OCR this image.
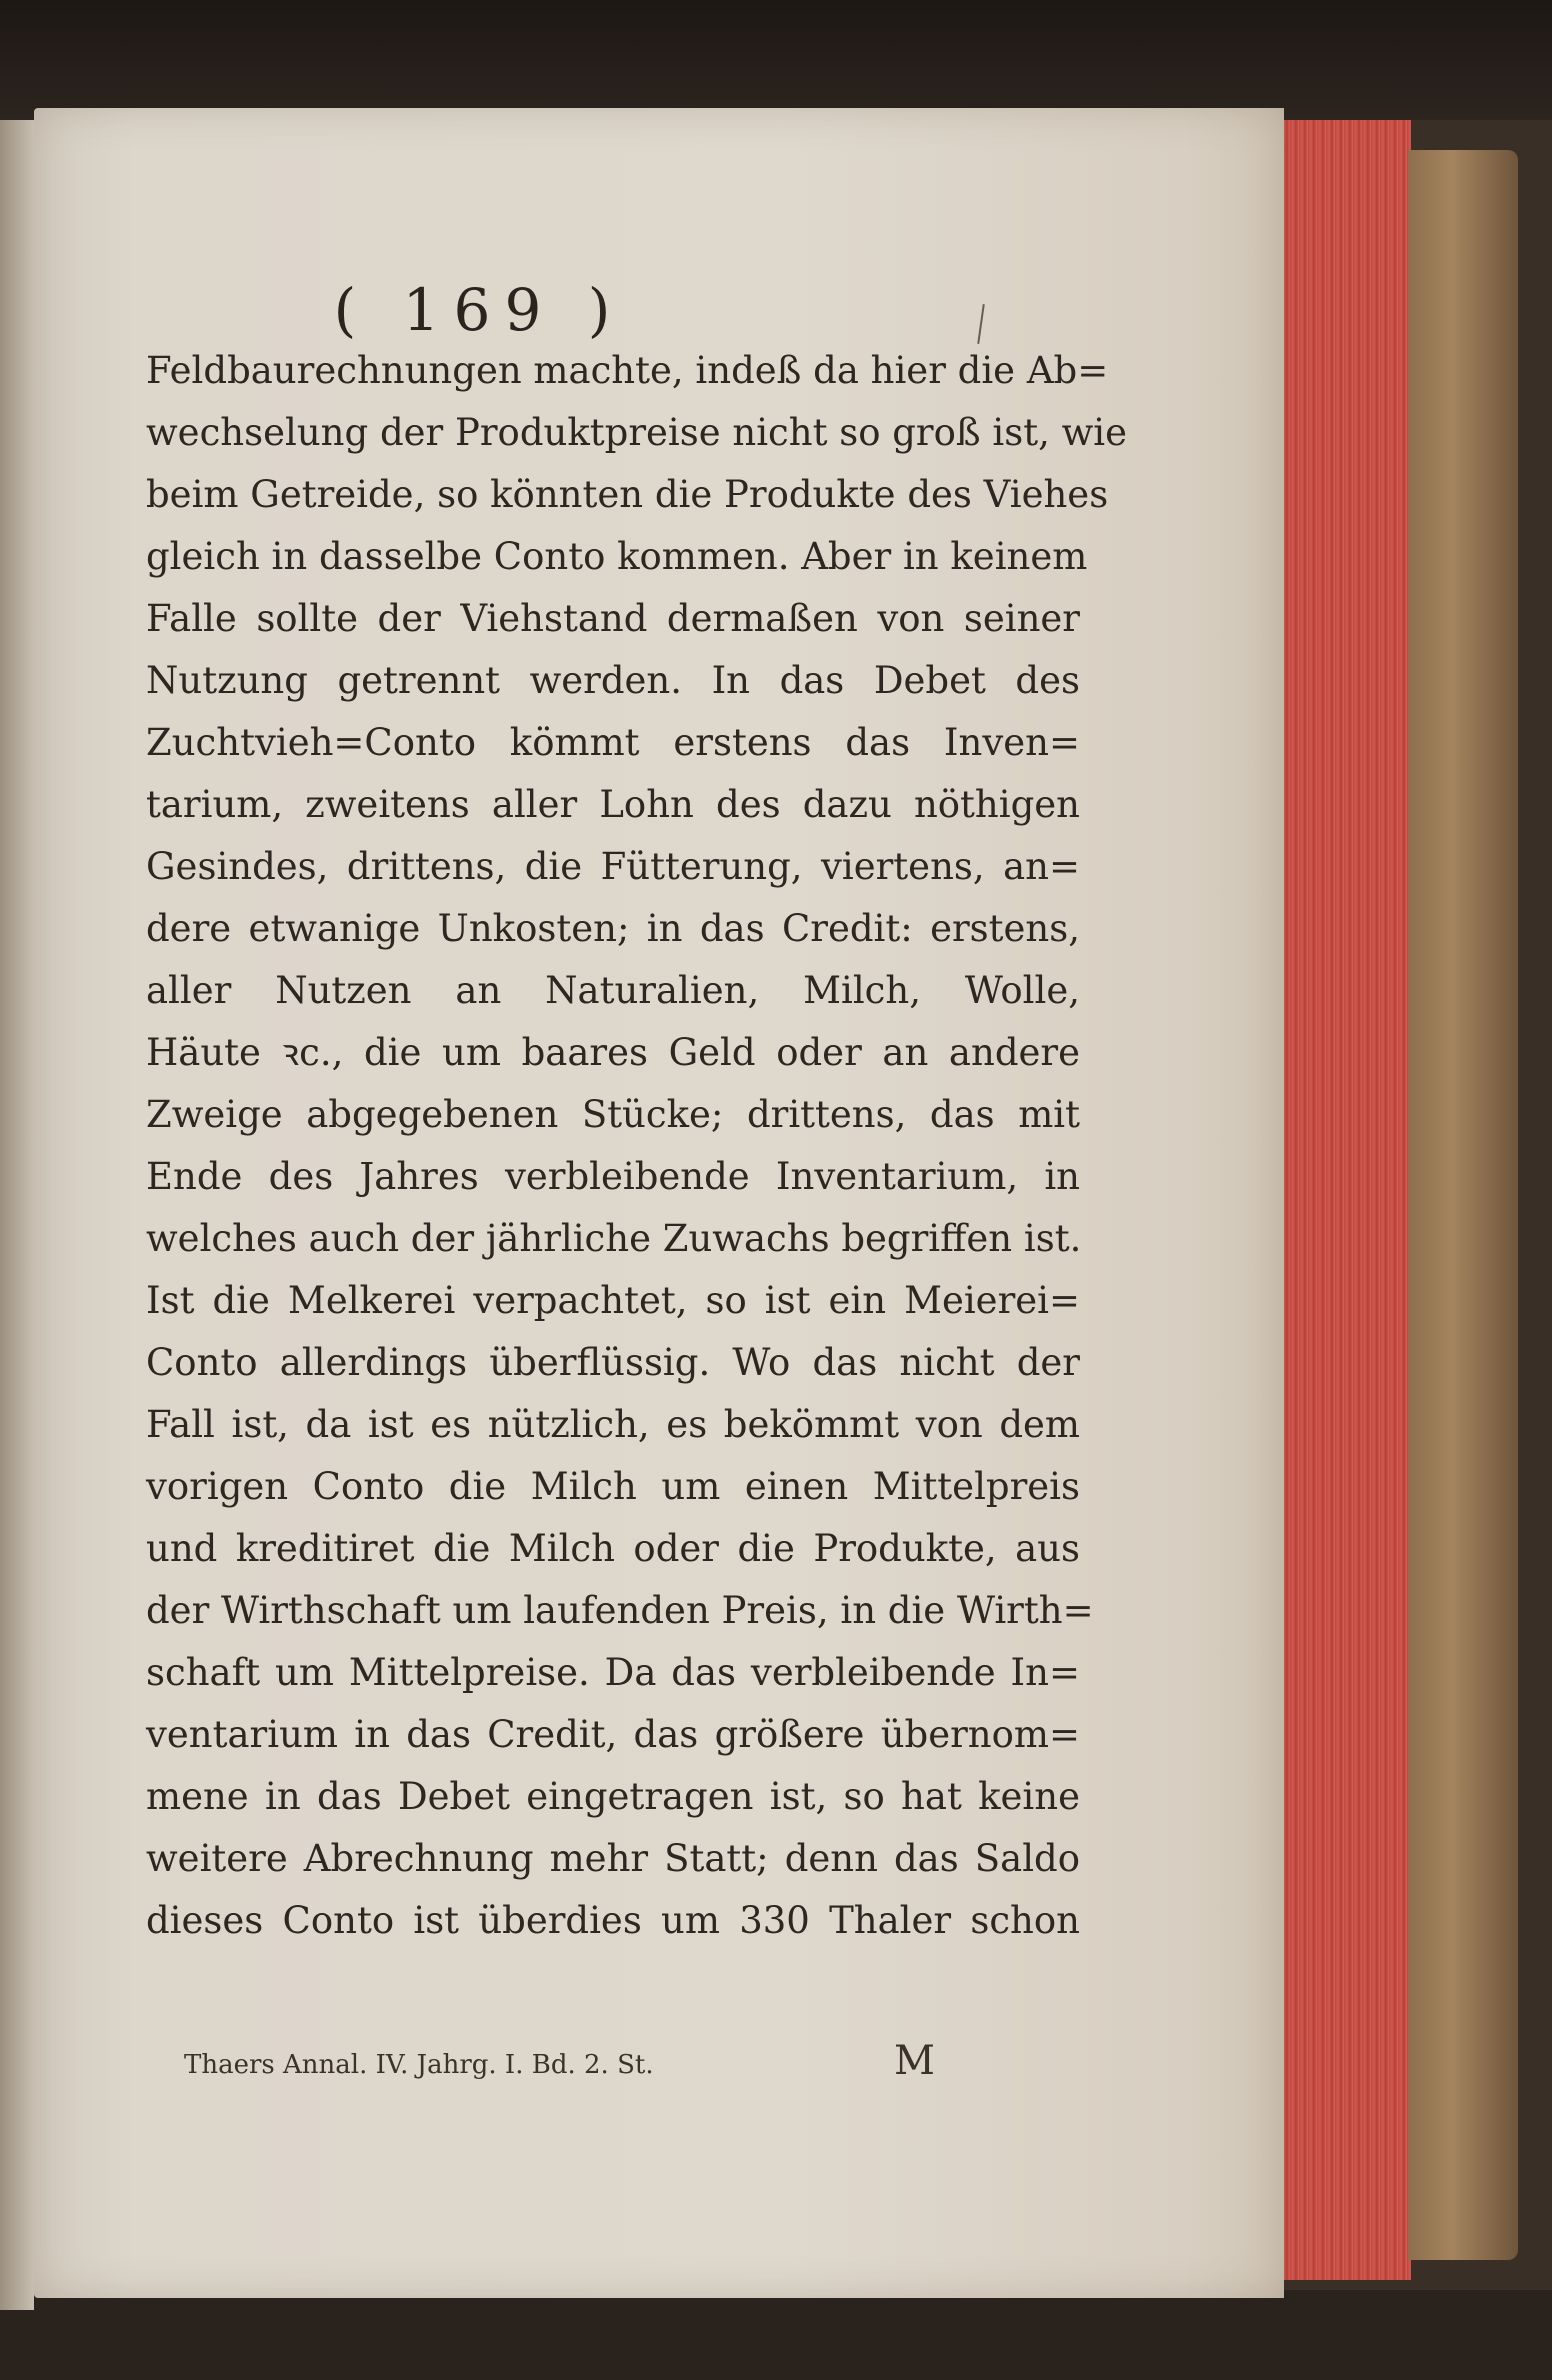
( 169 )
Feldbaurechnungen machte, indeß da hier die Ab=
wechselung der Produktpreise nicht so groß ist, wie
beim Getreide, so könnten die Produkte des Viehes
gleich in dasselbe Conto kommen. Aber in keinem
Falle sollte der Viehstand dermaßen von seiner
Nutzung getrennt werden. In das Debet des
Zuchtvieh=Conto kömmt erstens das Inven=
tarium, zweitens aller Lohn des dazu nöthigen
Gesindes, drittens, die Fütterung, viertens, an=
dere etwanige Unkosten; in das Credit: erstens,
aller Nutzen an Naturalien, Milch, Wolle,
Häute ꝛc., die um baares Geld oder an andere
Zweige abgegebenen Stücke; drittens, das mit
Ende des Jahres verbleibende Inventarium, in
welches auch der jährliche Zuwachs begriffen ist.
Ist die Melkerei verpachtet, so ist ein Meierei=
Conto allerdings überflüssig. Wo das nicht der
Fall ist, da ist es nützlich, es bekömmt von dem
vorigen Conto die Milch um einen Mittelpreis
und kreditiret die Milch oder die Produkte, aus
der Wirthschaft um laufenden Preis, in die Wirth=
schaft um Mittelpreise. Da das verbleibende In=
ventarium in das Credit, das größere übernom=
mene in das Debet eingetragen ist, so hat keine
weitere Abrechnung mehr Statt; denn das Saldo
dieses Conto ist überdies um 330 Thaler schon
Thaers Annal. IV. Jahrg. I. Bd. 2. St.	M
